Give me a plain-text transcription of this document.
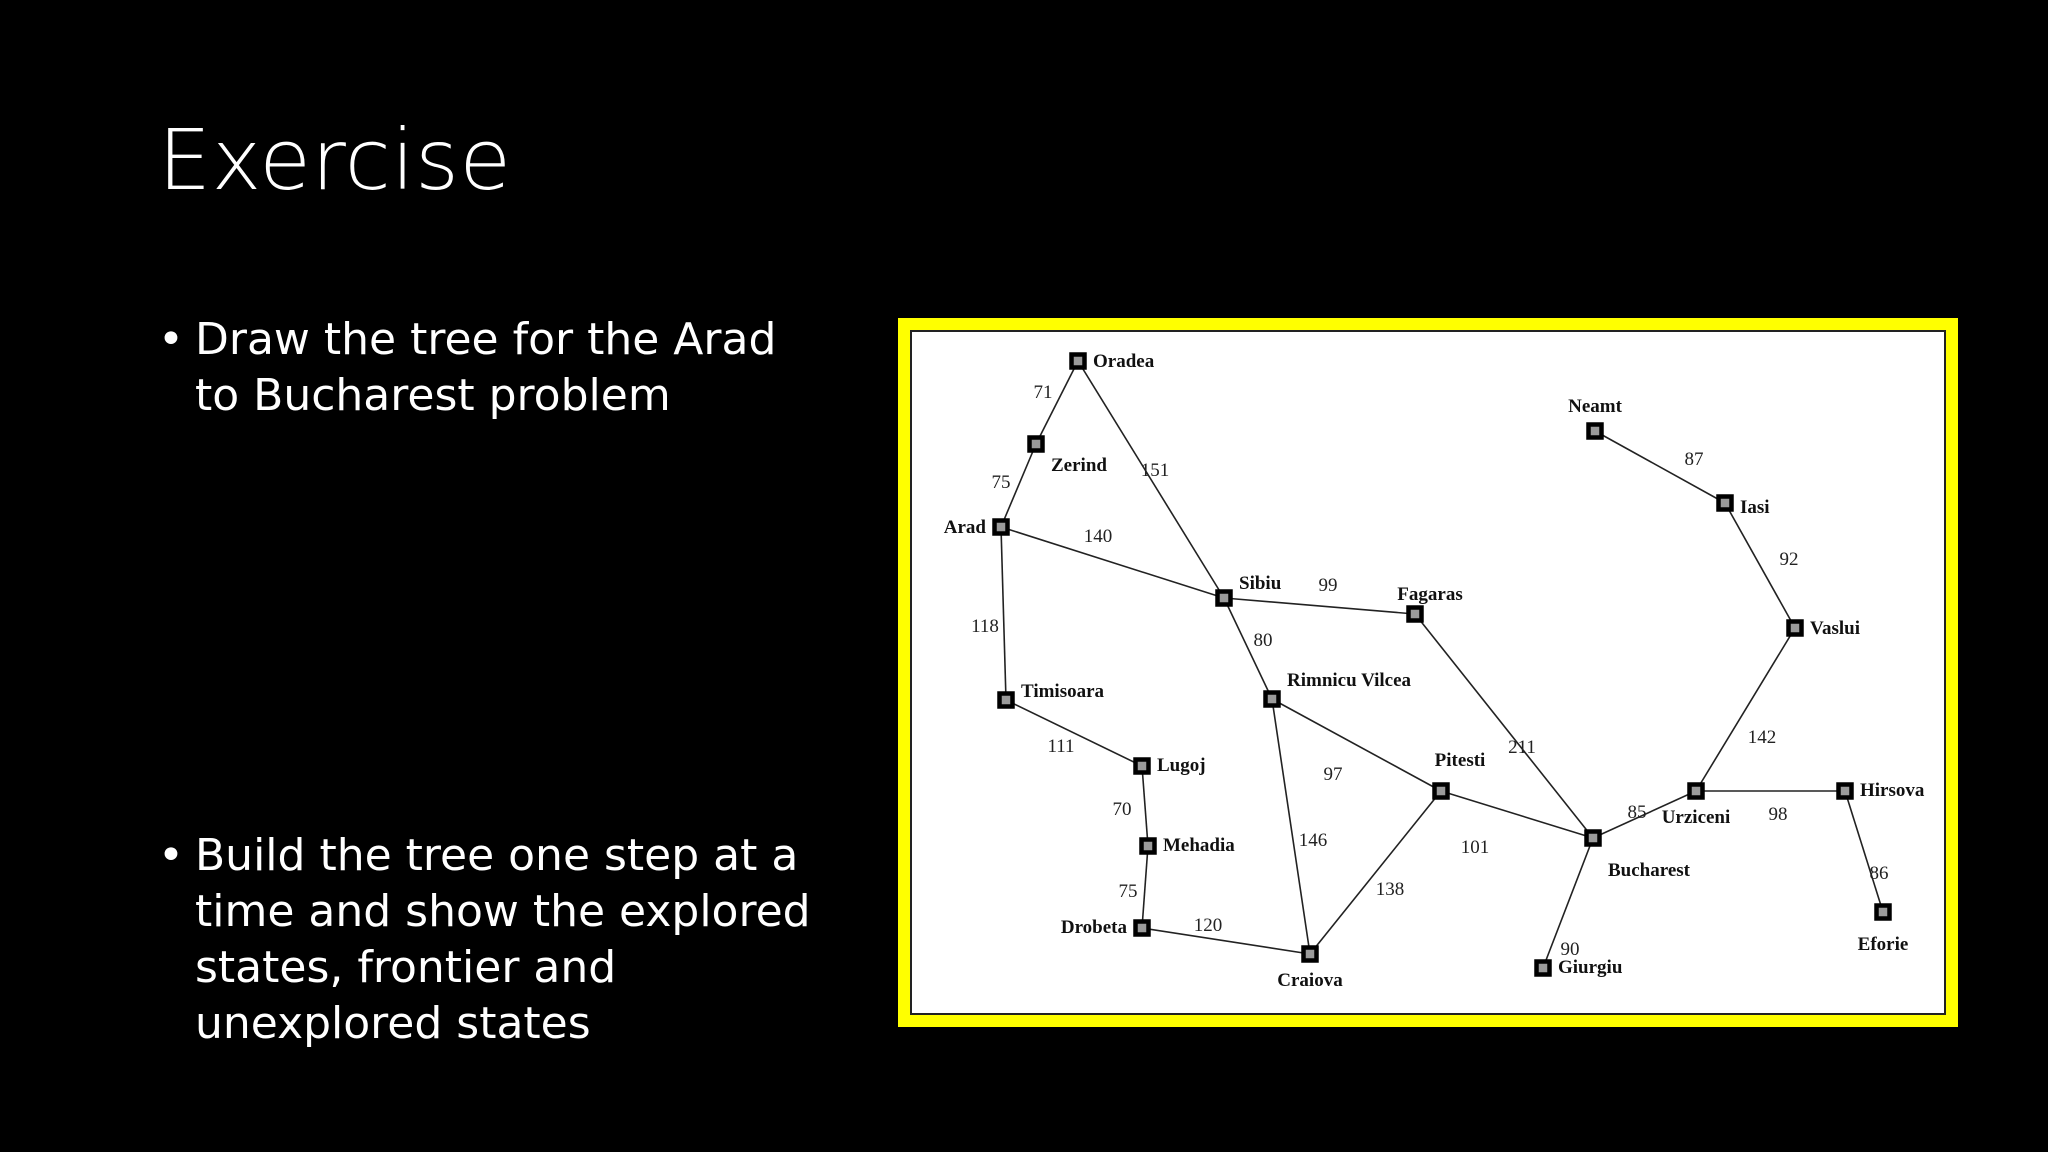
Exercise
• Draw the tree for the Arad to Bucharest problem
• Build the tree one step at a time and show the explored states, frontier and unexplored states
71
75
151
140
118
111
70
75
120
99
80
97
146
138
211
101
90
85	98
86
142
92
87
Oradea
Zerind
Arad
Timisoara
Lugoj
Mehadia
Drobeta
Craiova
Sibiu
Rimnicu Vilcea
Fagaras
Pitesti
Bucharest
Giurgiu
Urziceni
Hirsova
Eforie
Vaslui
Iasi
Neamt
